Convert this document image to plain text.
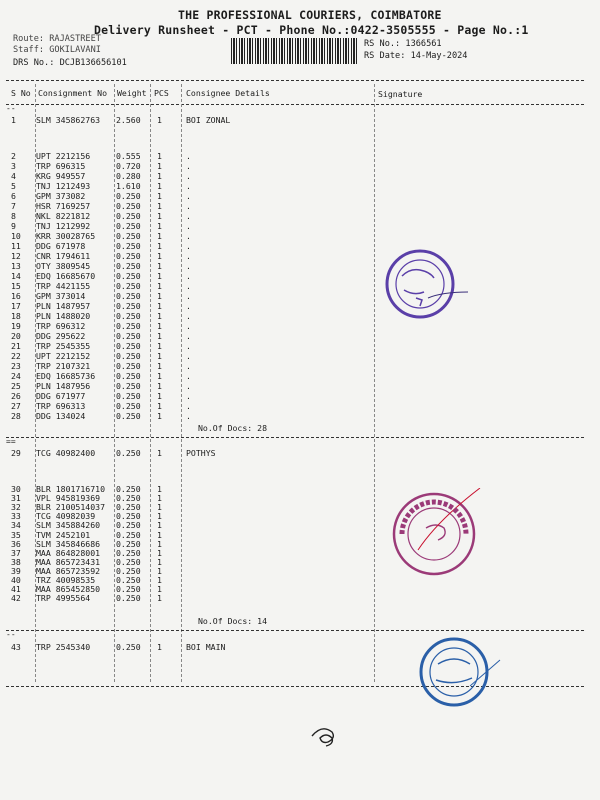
THE PROFESSIONAL COURIERS, COIMBATORE
Delivery Runsheet - PCT - Phone No.:0422-3505555 - Page No.:1
Route: RAJASTREET
Staff: GOKILAVANI
DRS No.: DCJB136656101
RS No.: 1366561
RS Date: 14-May-2024
S No Consignment No Weight PCS Consignee Details	Signature
--
1 SLM 345862763 2.560 1	BOI ZONAL
2 UPT 2212156	0.555 1	.
3 TRP 696315	0.720 1	.
4 KRG 949557	0.280 1	.
5 TNJ 1212493	1.610 1	.
6 GPM 373082	0.250 1	.
7 HSR 7169257	0.250 1	.
8 NKL 8221812	0.250 1	.
9 TNJ 1212992	0.250 1	.
10 KRR 30028765	0.250 1	.
11 DDG 671978	0.250 1	.
12 CNR 1794611	0.250 1	.
13 OTY 3809545	0.250 1	.
14 EDQ 16685670	0.250 1	.
15 TRP 4421155	0.250 1	.
16 GPM 373014	0.250 1	.
17 PLN 1487957	0.250 1	.
18 PLN 1488020	0.250 1	.
19 TRP 696312	0.250 1	.
20 DDG 295622	0.250 1	.
21 TRP 2545355	0.250 1	.
22 UPT 2212152	0.250 1	.
23 TRP 2107321	0.250 1	.
24 EDQ 16685736	0.250 1	.
25 PLN 1487956	0.250 1	.
26 DDG 671977	0.250 1	.
27 TRP 696313	0.250 1	.
28 DDG 134024	0.250 1	.
No.Of Docs: 28
==
29 TCG 40982400	0.250 1	POTHYS
30 BLR 1801716710 0.250 1
31 VPL 945819369 0.250 1
32 BLR 2100514037 0.250 1
33 TCG 40982039	0.250 1
34 SLM 345884260 0.250 1
35 TVM 2452101	0.250 1
36 SLM 345846686 0.250 1
37 MAA 864828001 0.250 1
38 MAA 865723431 0.250 1
39 MAA 865723592 0.250 1
40 TRZ 40098535	0.250 1
41 MAA 865452850 0.250 1
42 TRP 4995564	0.250 1
No.Of Docs: 14
--
43 TRP 2545340	0.250 1	BOI MAIN
